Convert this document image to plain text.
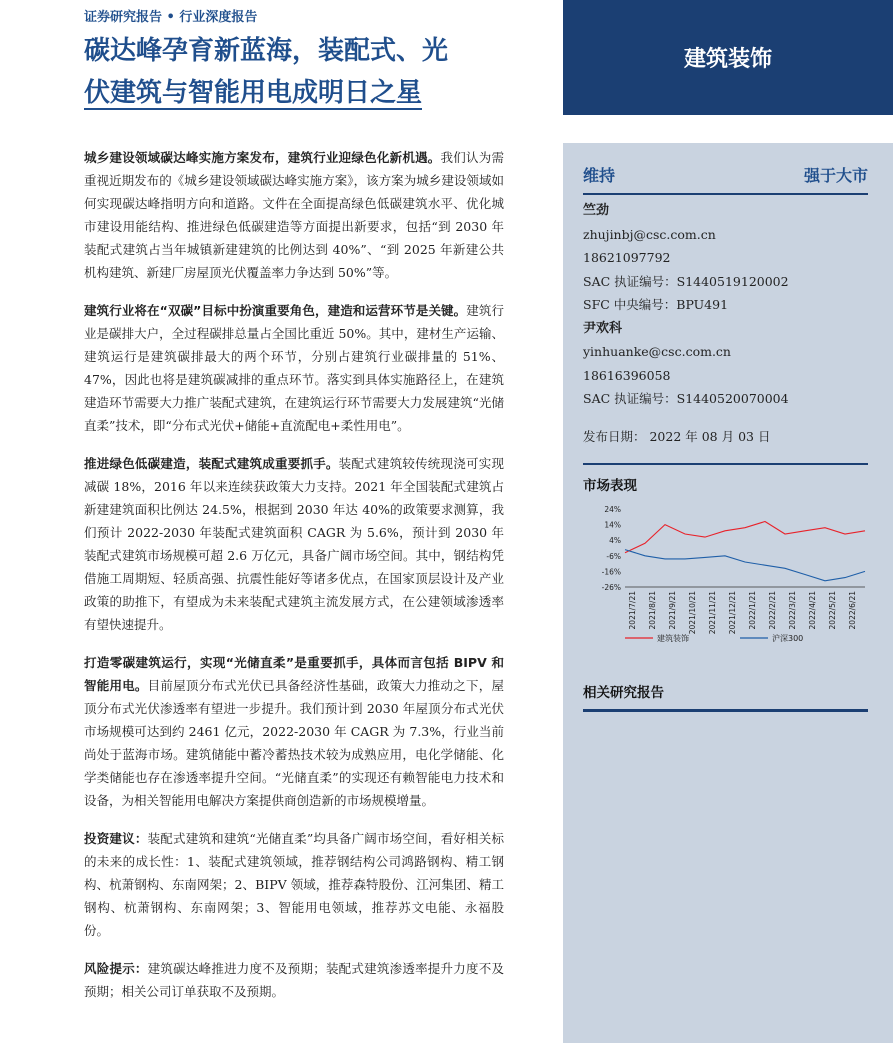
证券研究报告 • 行业深度报告
碳达峰孕育新蓝海，装配式、光
伏建筑与智能用电成明日之星
建筑装饰

城乡建设领域碳达峰实施方案发布，建筑行业迎绿色化新机遇。我们认为需重视近期发布的《城乡建设领域碳达峰实施方案》，该方案为城乡建设领域如何实现碳达峰指明方向和道路。文件在全面提高绿色低碳建筑水平、优化城市建设用能结构、推进绿色低碳建造等方面提出新要求，包括“到 2030 年装配式建筑占当年城镇新建建筑的比例达到 40%”、“到 2025 年新建公共机构建筑、新建厂房屋顶光伏覆盖率力争达到 50%”等。

建筑行业将在“双碳”目标中扮演重要角色，建造和运营环节是关键。建筑行业是碳排大户，全过程碳排总量占全国比重近 50%。其中，建材生产运输、建筑运行是建筑碳排最大的两个环节，分别占建筑行业碳排量的 51%、47%，因此也将是建筑碳减排的重点环节。落实到具体实施路径上，在建筑建造环节需要大力推广装配式建筑，在建筑运行环节需要大力发展建筑“光储直柔”技术，即“分布式光伏+储能+直流配电+柔性用电”。

推进绿色低碳建造，装配式建筑成重要抓手。装配式建筑较传统现浇可实现减碳 18%，2016 年以来连续获政策大力支持。2021 年全国装配式建筑占新建建筑面积比例达 24.5%，根据到 2030 年达 40%的政策要求测算，我们预计 2022-2030 年装配式建筑面积 CAGR 为 5.6%，预计到 2030 年装配式建筑市场规模可超 2.6 万亿元，具备广阔市场空间。其中，钢结构凭借施工周期短、轻质高强、抗震性能好等诸多优点，在国家顶层设计及产业政策的助推下，有望成为未来装配式建筑主流发展方式，在公建领域渗透率有望快速提升。

打造零碳建筑运行，实现“光储直柔”是重要抓手，具体而言包括 BIPV 和智能用电。目前屋顶分布式光伏已具备经济性基础，政策大力推动之下，屋顶分布式光伏渗透率有望进一步提升。我们预计到 2030 年屋顶分布式光伏市场规模可达到约 2461 亿元，2022-2030 年 CAGR 为 7.3%，行业当前尚处于蓝海市场。建筑储能中蓄冷蓄热技术较为成熟应用，电化学储能、化学类储能也存在渗透率提升空间。“光储直柔”的实现还有赖智能电力技术和设备，为相关智能用电解决方案提供商创造新的市场规模增量。

投资建议：装配式建筑和建筑“光储直柔”均具备广阔市场空间，看好相关标的未来的成长性：1、装配式建筑领域，推荐钢结构公司鸿路钢构、精工钢构、杭萧钢构、东南网架；2、BIPV 领域，推荐森特股份、江河集团、精工钢构、杭萧钢构、东南网架；3、智能用电领域，推荐苏文电能、永福股份。

风险提示：建筑碳达峰推进力度不及预期；装配式建筑渗透率提升力度不及预期；相关公司订单获取不及预期。

维持	强于大市
竺劲
zhujinbj@csc.com.cn
18621097792
SAC 执证编号：S1440519120002
SFC 中央编号：BPU491
尹欢科
yinhuanke@csc.com.cn
18616396058
SAC 执证编号：S1440520070004
发布日期： 2022 年 08 月 03 日
市场表现
24%
14%
4%
-6%
-16%
-26%
2021/7/21 2021/8/21 2021/9/21 2021/10/21 2021/11/21 2021/12/21 2022/1/21 2022/2/21 2022/3/21 2022/4/21 2022/5/21 2022/6/21
建筑装饰	沪深300
相关研究报告
